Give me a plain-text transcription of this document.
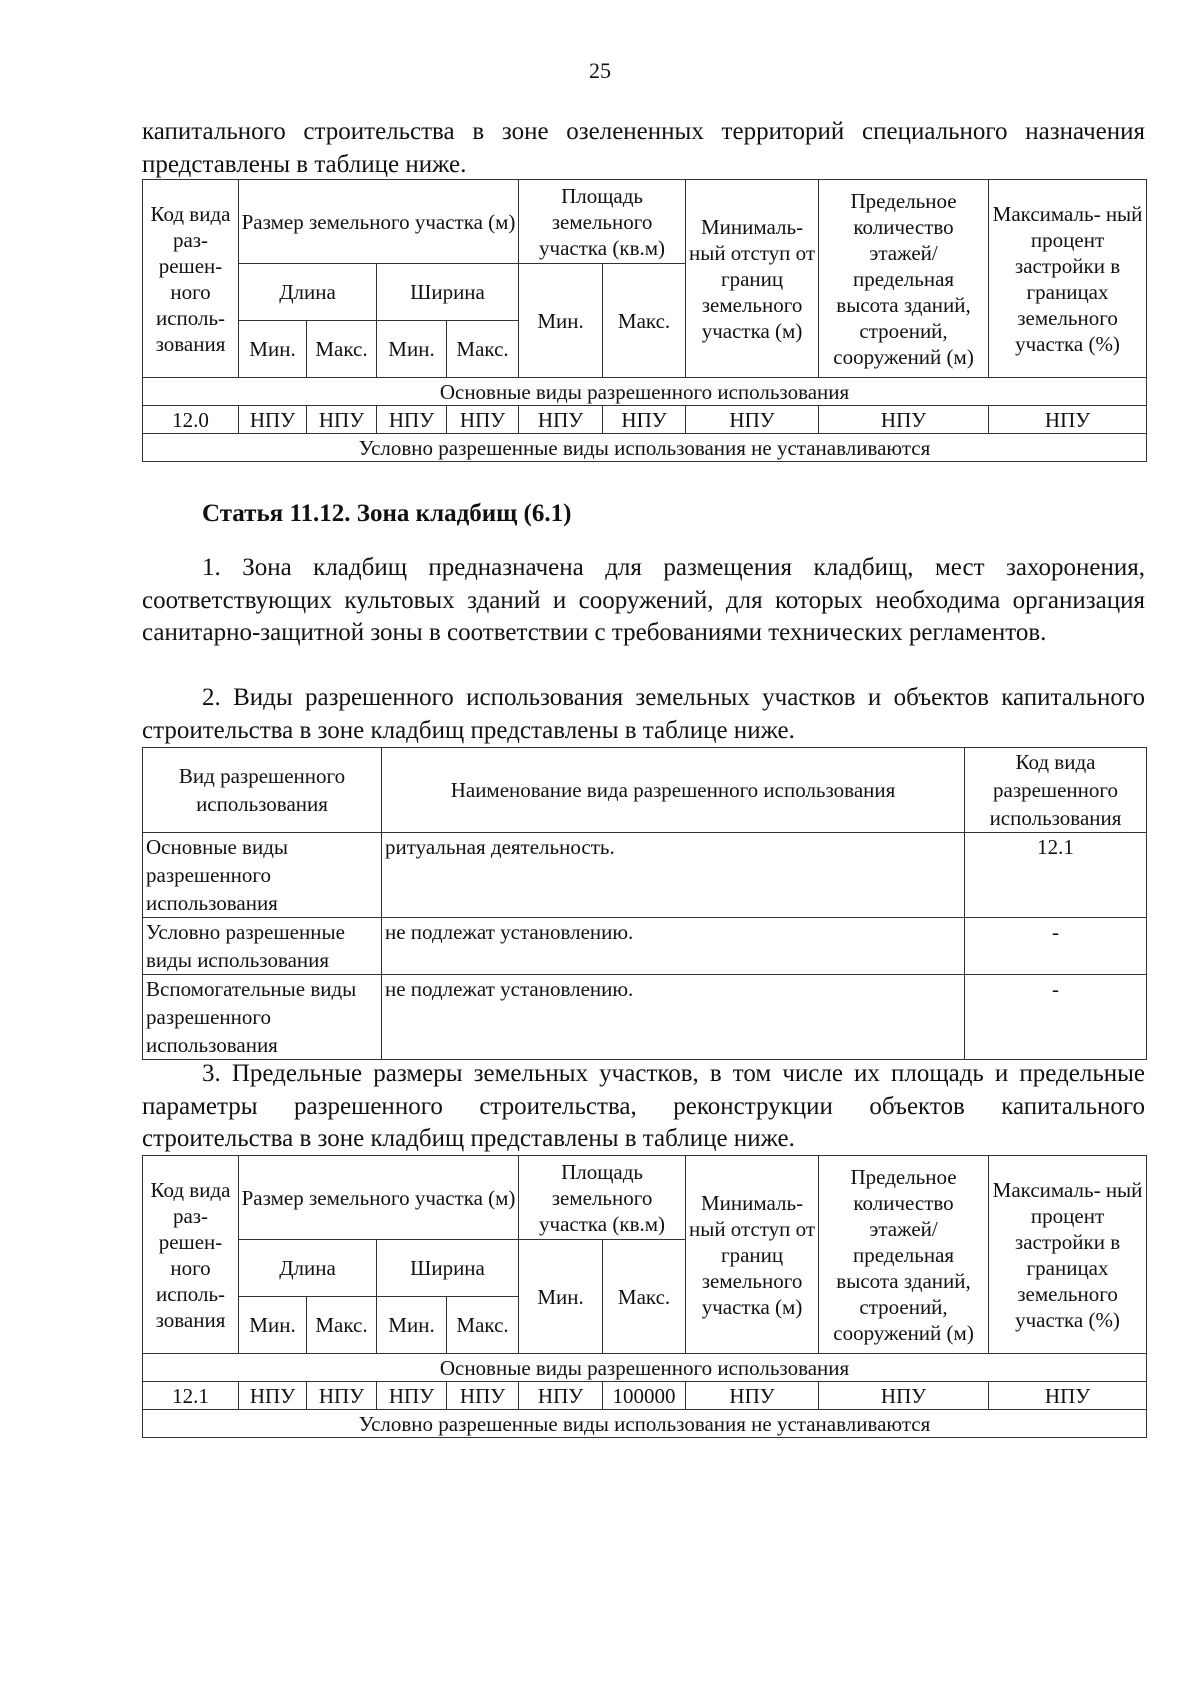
25

капитального строительства в зоне озелененных территорий специального назначения представлены в таблице ниже.

Код вида раз- решен- ного исполь- зования	Размер земельного участка (м)				Площадь земельного участка (кв.м)		Минималь- ный отступ от границ земельного участка (м)	Предельное количество этажей/ предельная высота зданий, строений, сооружений (м)	Максималь- ный процент застройки в границах земельного участка (%)
	Длина		Ширина		Мин.	Макс.			
	Мин.	Макс.	Мин.	Макс.					
Основные виды разрешенного использования									
12.0	НПУ	НПУ	НПУ	НПУ	НПУ	НПУ	НПУ	НПУ	НПУ
Условно разрешенные виды использования не устанавливаются									

Статья 11.12. Зона кладбищ (6.1)

1. Зона кладбищ предназначена для размещения кладбищ, мест захоронения, соответствующих культовых зданий и сооружений, для которых необходима организация санитарно-защитной зоны в соответствии с требованиями технических регламентов.

2. Виды разрешенного использования земельных участков и объектов капитального строительства в зоне кладбищ представлены в таблице ниже.

Вид разрешенного использования	Наименование вида разрешенного использования	Код вида разрешенного использования
Основные виды разрешенного использования	ритуальная деятельность.	12.1
Условно разрешенные виды использования	не подлежат установлению.	-
Вспомогательные виды разрешенного использования	не подлежат установлению.	-

3. Предельные размеры земельных участков, в том числе их площадь и предельные параметры разрешенного строительства, реконструкции объектов капитального строительства в зоне кладбищ представлены в таблице ниже.

Код вида раз- решен- ного исполь- зования	Размер земельного участка (м)				Площадь земельного участка (кв.м)		Минималь- ный отступ от границ земельного участка (м)	Предельное количество этажей/ предельная высота зданий, строений, сооружений (м)	Максималь- ный процент застройки в границах земельного участка (%)
	Длина		Ширина		Мин.	Макс.			
	Мин.	Макс.	Мин.	Макс.					
Основные виды разрешенного использования									
12.1	НПУ	НПУ	НПУ	НПУ	НПУ	100000	НПУ	НПУ	НПУ
Условно разрешенные виды использования не устанавливаются									
